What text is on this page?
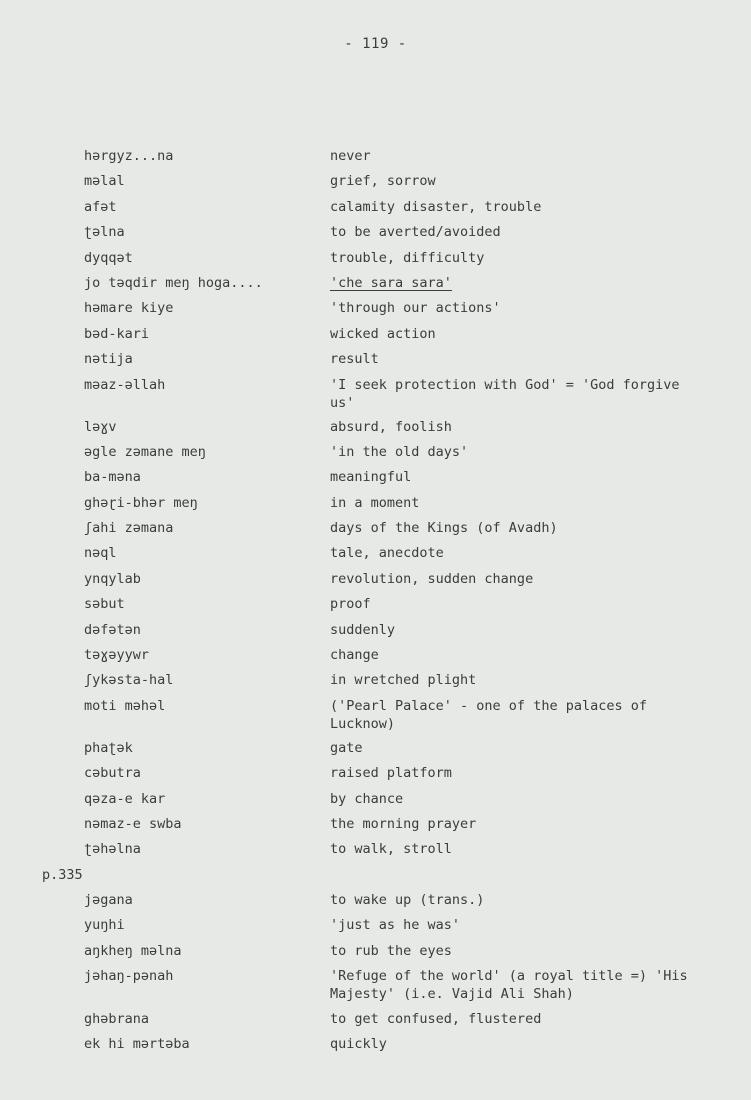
- 119 -
hərgyz...na	never
məlal	grief, sorrow
afət	calamity disaster, trouble
ʈəlna	to be averted/avoided
dyqqət	trouble, difficulty
jo təqdir meŋ hoga....	'che sara sara'
həmare kiye	'through our actions'
bəd-kari	wicked action
nətija	result
məaz-əllah	'I seek protection with God' = 'God forgive us'
ləɣv	absurd, foolish
əgle zəmane meŋ	'in the old days'
ba-məna	meaningful
ghəɽi-bhər meŋ	in a moment
ʃahi zəmana	days of the Kings (of Avadh)
nəql	tale, anecdote
ynqylab	revolution, sudden change
səbut	proof
dəfətən	suddenly
təɣəyywr	change
ʃykəsta-hal	in wretched plight
moti məhəl	('Pearl Palace' - one of the palaces of Lucknow)
phaʈək	gate
cəbutra	raised platform
qəza-e kar	by chance
nəmaz-e swba	the morning prayer
ʈəhəlna	to walk, stroll
p.335
jəgana	to wake up (trans.)
yuŋhi	'just as he was'
aŋkheŋ məlna	to rub the eyes
jəhaŋ-pənah	'Refuge of the world' (a royal title =) 'His Majesty' (i.e. Vajid Ali Shah)
ghəbrana	to get confused, flustered
ek hi mərtəba	quickly
